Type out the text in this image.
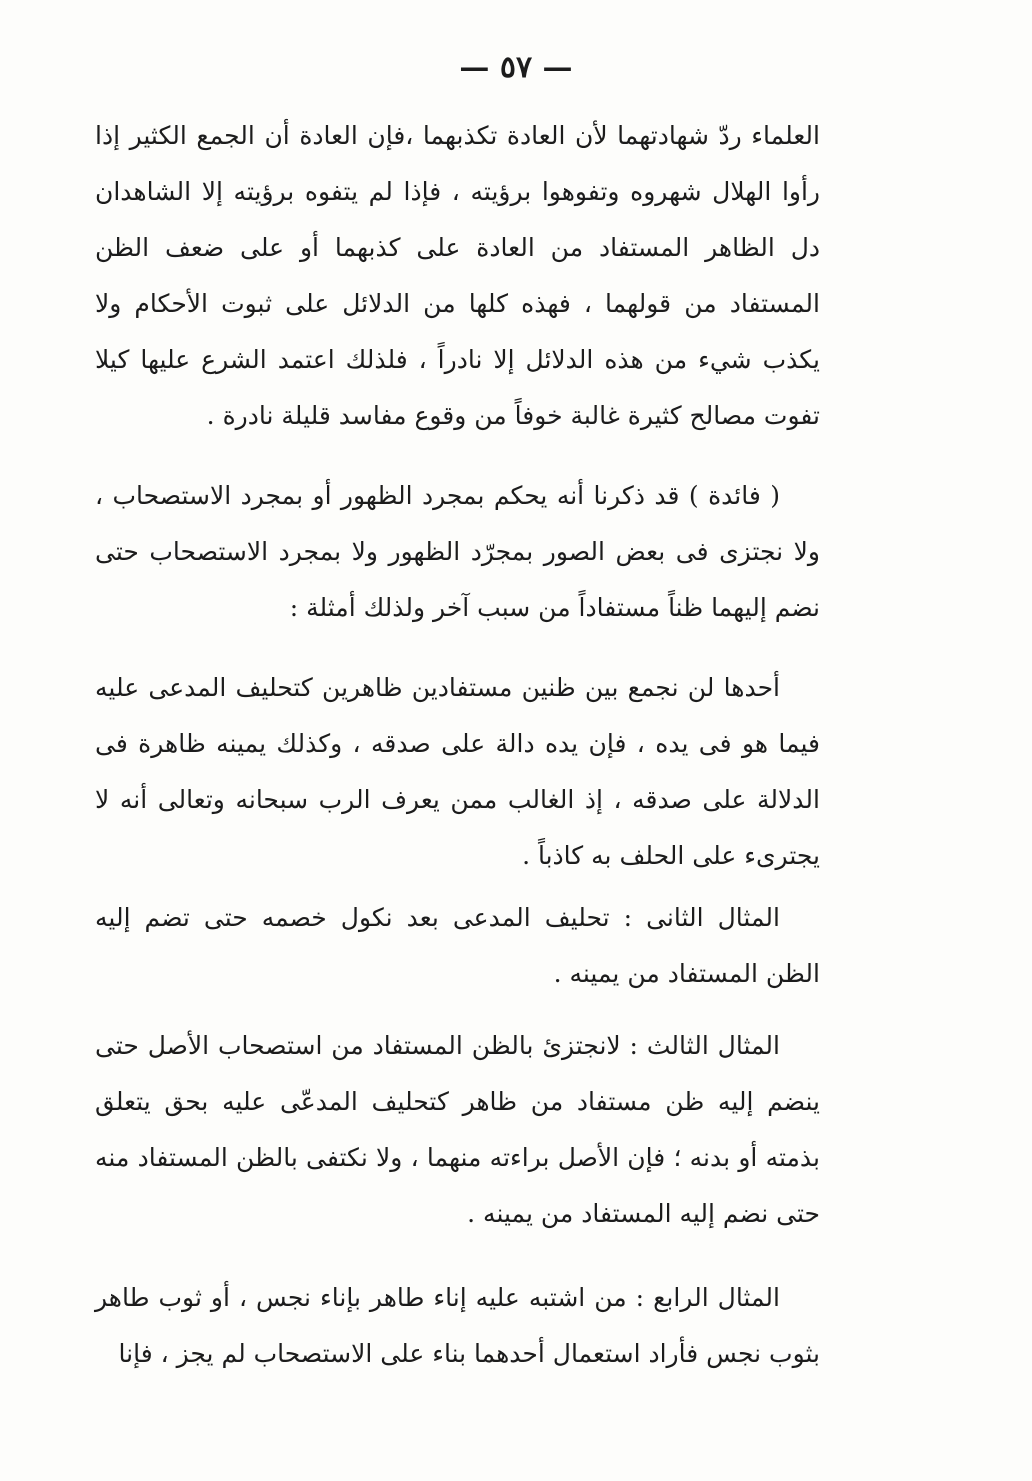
— ٥٧ —

العلماء ردّ شهادتهما لأن العادة تكذبهما ،فإن العادة أن الجمع الكثير إذا رأوا الهلال شهروه وتفوهوا برؤيته ، فإذا لم يتفوه برؤيته إلا الشاهدان دل الظاهر المستفاد من العادة على كذبهما أو على ضعف الظن المستفاد من قولهما ، فهذه كلها من الدلائل على ثبوت الأحكام ولا يكذب شيء من هذه الدلائل إلا نادراً ، فلذلك اعتمد الشرع عليها كيلا تفوت مصالح كثيرة غالبة خوفاً من وقوع مفاسد قليلة نادرة .

( فائدة ) قد ذكرنا أنه يحكم بمجرد الظهور أو بمجرد الاستصحاب ، ولا نجتزى فى بعض الصور بمجرّد الظهور ولا بمجرد الاستصحاب حتى نضم إليهما ظناً مستفاداً من سبب آخر ولذلك أمثلة :

أحدها لن نجمع بين ظنين مستفادين ظاهرين كتحليف المدعى عليه فيما هو فى يده ، فإن يده دالة على صدقه ، وكذلك يمينه ظاهرة فى الدلالة على صدقه ، إذ الغالب ممن يعرف الرب سبحانه وتعالى أنه لا يجترىء على الحلف به كاذباً .

المثال الثانى : تحليف المدعى بعد نكول خصمه حتى تضم إليه الظن المستفاد من يمينه .

المثال الثالث : لانجتزئ بالظن المستفاد من استصحاب الأصل حتى ينضم إليه ظن مستفاد من ظاهر كتحليف المدعّى عليه بحق يتعلق بذمته أو بدنه ؛ فإن الأصل براءته منهما ، ولا نكتفى بالظن المستفاد منه حتى نضم إليه المستفاد من يمينه .

المثال الرابع : من اشتبه عليه إناء طاهر بإناء نجس ، أو ثوب طاهر بثوب نجس فأراد استعمال أحدهما بناء على الاستصحاب لم يجز ، فإنا
